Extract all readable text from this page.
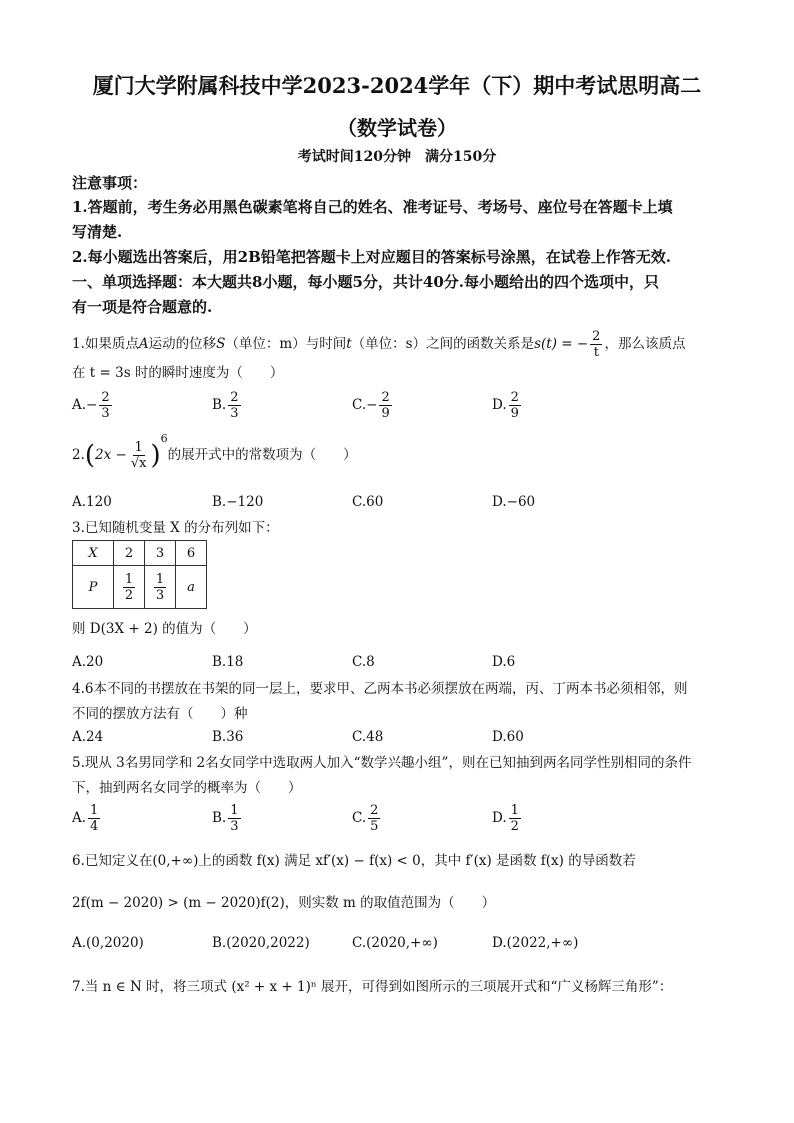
厦门大学附属科技中学2023-2024学年（下）期中考试思明高二
（数学试卷）
考试时间120分钟　满分150分
注意事项：
1.答题前，考生务必用黑色碳素笔将自己的姓名、准考证号、考场号、座位号在答题卡上填
写清楚.
2.每小题选出答案后，用2B铅笔把答题卡上对应题目的答案标号涂黑，在试卷上作答无效.
一、单项选择题：本大题共8小题，每小题5分，共计40分.每小题给出的四个选项中，只
有一项是符合题意的.
1.如果质点A运动的位移S（单位：m）与时间t（单位：s）之间的函数关系是s(t) = − $\frac{2}{t}$ ，那么该质点
在 t = 3s 时的瞬时速度为（　　）
$A.- \frac{2}{3}$	B. $\frac{2}{3}$	$C.- \frac{2}{9}$	D. $\frac{2}{9}$
$2.(2x - \frac{1}{√x} )^6$的展开式中的常数项为（　　）
A.120	B.−120	C.60	D.−60
3.已知随机变量 X 的分布列如下：
X	2	3	6
P	$\frac{1}{2}$	$\frac{1}{3}$	a
则 D(3X + 2) 的值为（　　）
A.20	B.18	C.8	D.6
4.6本不同的书摆放在书架的同一层上，要求甲、乙两本书必须摆放在两端，丙、丁两本书必须相邻，则
不同的摆放方法有（　　）种
A.24	B.36	C.48	D.60
5.现从 3名男同学和 2名女同学中选取两人加入“数学兴趣小组”，则在已知抽到两名同学性别相同的条件
下，抽到两名女同学的概率为（　　）
A. $\frac{1}{4}$	B. $\frac{1}{3}$	C. $\frac{2}{5}$	D. $\frac{1}{2}$
6.已知定义在(0,+∞)上的函数 f(x) 满足 xf′(x) − f(x) < 0，其中 f′(x) 是函数 f(x) 的导函数若
2f(m − 2020) > (m − 2020)f(2)，则实数 m 的取值范围为（　　）
A.(0,2020)	B.(2020,2022)	C.(2020,+∞)	D.(2022,+∞)
7.当 n ∈ N 时，将三项式 (x² + x + 1)ⁿ 展开，可得到如图所示的三项展开式和“广义杨辉三角形”：
